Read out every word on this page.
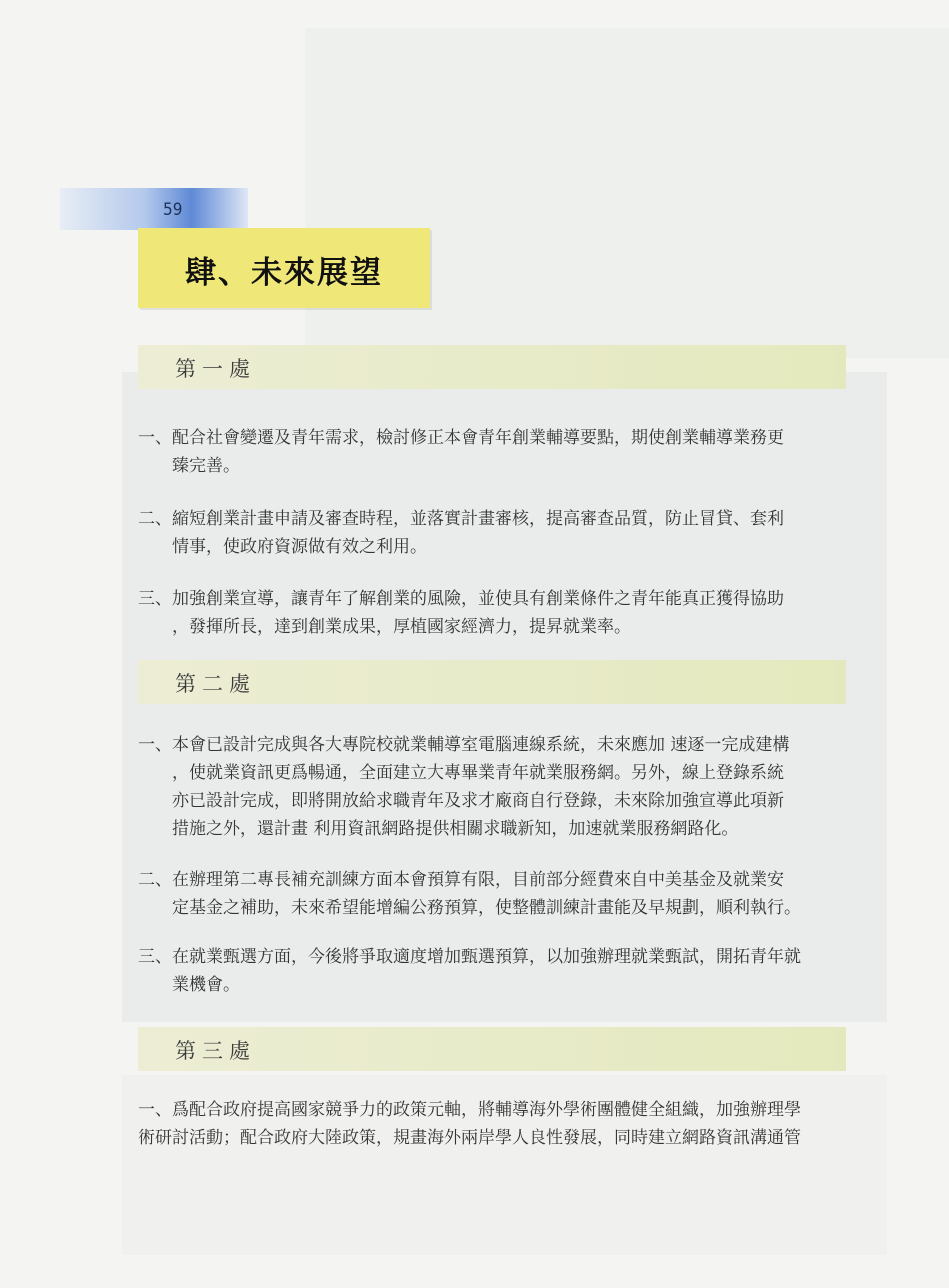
59
肆、未來展望
第一處
一、配合社會變遷及青年需求，檢討修正本會青年創業輔導要點，期使創業輔導業務更
臻完善。
二、縮短創業計畫申請及審查時程，並落實計畫審核，提高審查品質，防止冒貸、套利
情事，使政府資源做有效之利用。
三、加強創業宣導，讓青年了解創業的風險，並使具有創業條件之青年能真正獲得協助
，發揮所長，達到創業成果，厚植國家經濟力，提昇就業率。
第二處
一、本會已設計完成與各大專院校就業輔導室電腦連線系統，未來應加 速逐一完成建構
，使就業資訊更爲暢通，全面建立大專畢業青年就業服務網。另外，線上登錄系統
亦已設計完成，即將開放給求職青年及求才廠商自行登錄，未來除加強宣導此項新
措施之外，還計畫 利用資訊網路提供相關求職新知，加速就業服務網路化。
二、在辦理第二專長補充訓練方面本會預算有限，目前部分經費來自中美基金及就業安
定基金之補助，未來希望能增編公務預算，使整體訓練計畫能及早規劃，順利執行。
三、在就業甄選方面，今後將爭取適度增加甄選預算，以加強辦理就業甄試，開拓青年就
業機會。
第三處
一、爲配合政府提高國家競爭力的政策元軸，將輔導海外學術團體健全組織，加強辦理學
術研討活動；配合政府大陸政策，規畫海外兩岸學人良性發展，同時建立網路資訊溝通管
